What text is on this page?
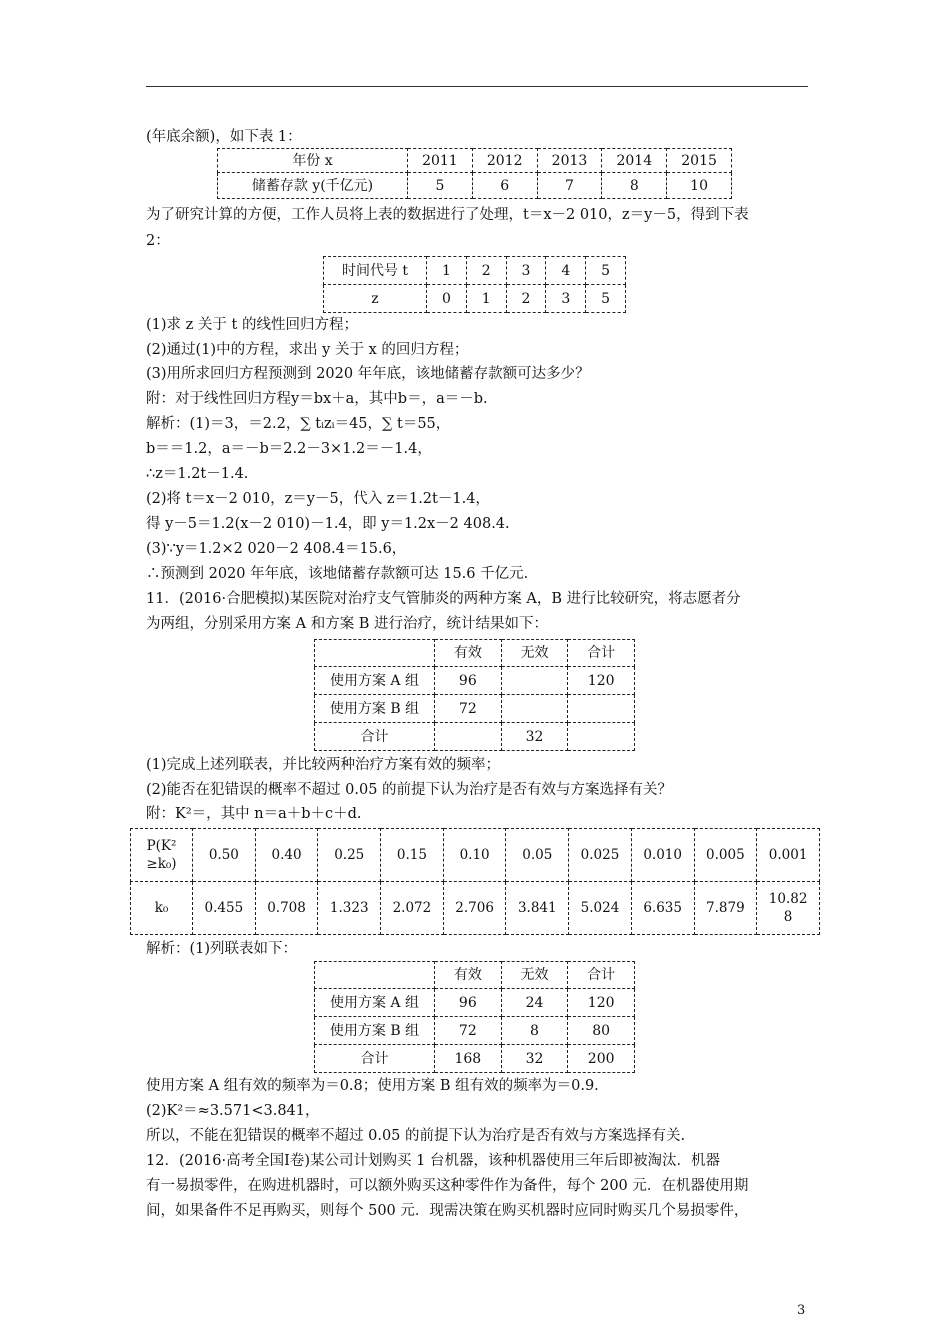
(年底余额)，如下表 1：
年份 x	2011	2012	2013	2014	2015
储蓄存款 y(千亿元)	5	6	7	8	10
为了研究计算的方便，工作人员将上表的数据进行了处理，t＝x－2 010，z＝y－5，得到下表
2：
时间代号 t	1	2	3	4	5
z	0	1	2	3	5
(1)求 z 关于 t 的线性回归方程；
(2)通过(1)中的方程，求出 y 关于 x 的回归方程；
(3)用所求回归方程预测到 2020 年年底，该地储蓄存款额可达多少？
附：对于线性回归方程y＝bx＋a，其中b＝，a＝－b.
解析：(1)＝3，＝2.2，∑ tᵢzᵢ＝45，∑ t＝55，
b＝＝1.2，a＝－b＝2.2－3×1.2＝－1.4，
∴z＝1.2t－1.4.
(2)将 t＝x－2 010，z＝y－5，代入 z＝1.2t－1.4，
得 y－5＝1.2(x－2 010)－1.4，即 y＝1.2x－2 408.4.
(3)∵y＝1.2×2 020－2 408.4＝15.6，
∴预测到 2020 年年底，该地储蓄存款额可达 15.6 千亿元.
11．(2016·合肥模拟)某医院对治疗支气管肺炎的两种方案 A，B 进行比较研究，将志愿者分
为两组，分别采用方案 A 和方案 B 进行治疗，统计结果如下：
	有效	无效	合计
使用方案 A 组	96		120
使用方案 B 组	72		
合计		32	
(1)完成上述列联表，并比较两种治疗方案有效的频率；
(2)能否在犯错误的概率不超过 0.05 的前提下认为治疗是否有效与方案选择有关？
附：K²＝，其中 n＝a＋b＋c＋d.
P(K²
≥k₀)	0.50	0.40	0.25	0.15	0.10	0.05	0.025	0.010	0.005	0.001
k₀	0.455	0.708	1.323	2.072	2.706	3.841	5.024	6.635	7.879	10.82
8
解析：(1)列联表如下：
	有效	无效	合计
使用方案 A 组	96	24	120
使用方案 B 组	72	8	80
合计	168	32	200
使用方案 A 组有效的频率为＝0.8；使用方案 B 组有效的频率为＝0.9.
(2)K²＝≈3.571<3.841，
所以，不能在犯错误的概率不超过 0.05 的前提下认为治疗是否有效与方案选择有关.
12．(2016·高考全国Ⅰ卷)某公司计划购买 1 台机器，该种机器使用三年后即被淘汰．机器
有一易损零件，在购进机器时，可以额外购买这种零件作为备件，每个 200 元．在机器使用期
间，如果备件不足再购买，则每个 500 元．现需决策在购买机器时应同时购买几个易损零件，
3
